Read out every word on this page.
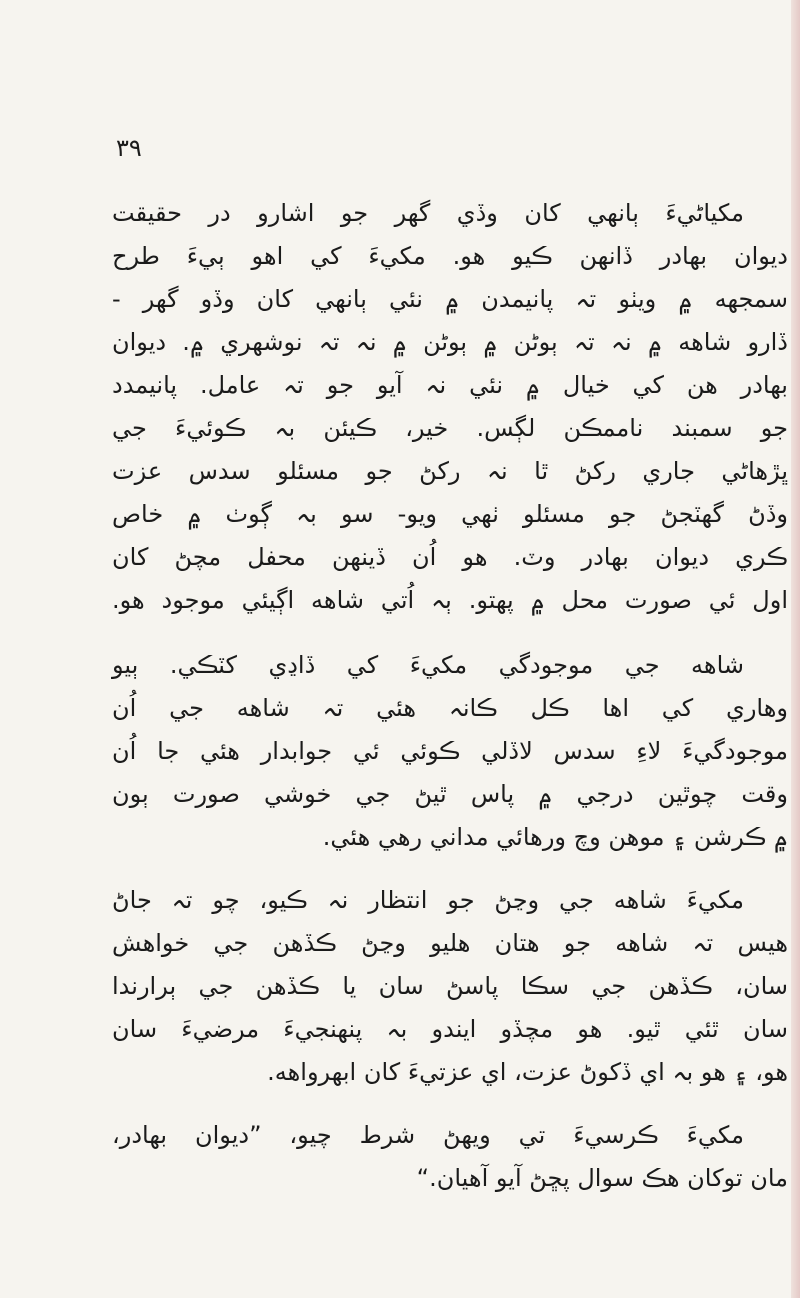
٣٩
مکياڻيءَ ٻانهي کان وڏي گهر جو اشارو در حقيقت
ديوان بهادر ڏانهن ڪيو هو. مکيءَ کي اهو ٻيءَ طرح
سمجهه ۾ ويٺو تہ پانيمدن ۾ نئي ٻانهي کان وڏو گهر -
ڏارو شاهه ۾ نہ تہ ٻوڻن ۾ ٻوڻن ۾ نہ تہ نوشهري ۾. ديوان
بهادر هن کي خيال ۾ نئي نہ آيو جو تہ عامل. پانيمدد
جو سمبند ناممڪن لڳس. خير، ڪيئن بہ ڪوئيءَ جي
ڀڙهاڻي جاري رکڻ ٿا نہ رکڻ جو مسئلو سدس عزت
وڏڻ گهٽجڻ جو مسئلو ٺهي ويو- سو بہ ڳوٺ ۾ خاص
ڪري ديوان بهادر وٽ. هو اُن ڏينهن محفل مچڻ کان
اول ئي صورت محل ۾ پهتو. ٻہ اُتي شاهه اڳيئي موجود هو.
شاهه جي موجودگي مکيءَ کي ڏاڍي کٽڪي. ٻيو
وهاري کي اها ڪل ڪانہ هئي تہ شاهه جي اُن
موجودگيءَ لاءِ سدس لاڏلي ڪوئي ئي جوابدار هئي جا اُن
وقت چوٿين درجي ۾ پاس ٿيڻ جي خوشي صورت ٻون
۾ ڪرشن ۽ موهن وچ ورهائي مداني رهي هئي.
مکيءَ شاهه جي وڃڻ جو انتظار نہ ڪيو، چو تہ جاڻ
هيس تہ شاهه جو هتان هليو وڃڻ ڪڏهن جي خواهش
سان، ڪڏهن جي سڪا پاسڻ سان يا ڪڏهن جي ٻرارندا
سان ٿئي ٿيو. هو مچڏو ايندو بہ پنهنجيءَ مرضيءَ سان
هو، ۽ هو بہ اي ڏکوڻ عزت، اي عزتيءَ کان ابهرواهه.
مکيءَ ڪرسيءَ تي ويهڻ شرط چيو، ”ديوان بهادر،
مان توکان هڪ سوال پڇڻ آيو آهيان.“
